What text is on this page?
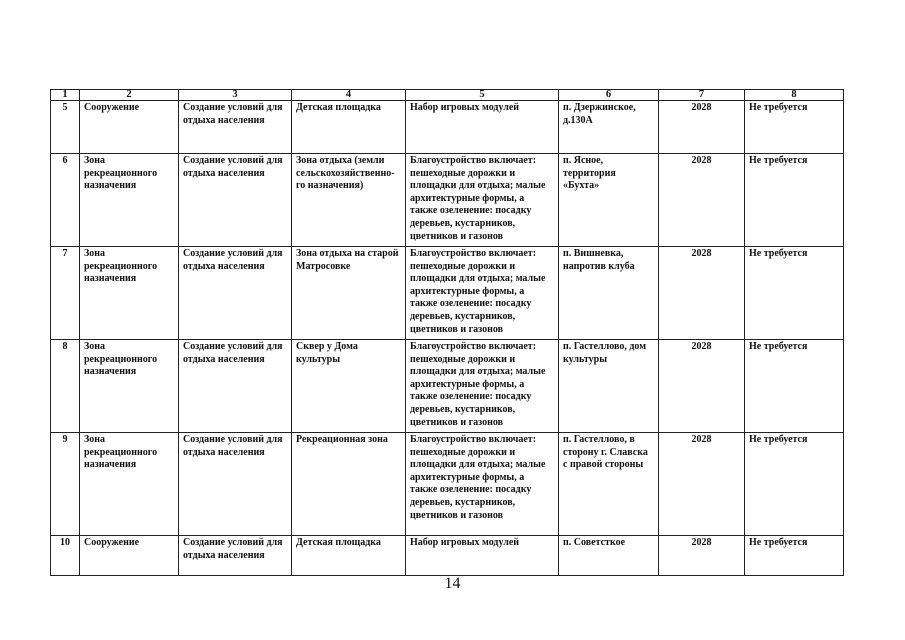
1	2	3	4	5	6	7	8
5	Сооружение	Создание условий для отдыха населения	Детская площадка	Набор игровых модулей	п. Дзержинское, д.130А	2028	Не требуется
6	Зона рекреационного назначения	Создание условий для отдыха населения	Зона отдыха (земли сельскохозяйственно-го назначения)	Благоустройство включает: пешеходные дорожки и площадки для отдыха; малые архитектурные формы, а также озеленение: посадку деревьев, кустарников, цветников и газонов	п. Ясное, территория «Бухта»	2028	Не требуется
7	Зона рекреационного назначения	Создание условий для отдыха населения	Зона отдыха на старой Матросовке	Благоустройство включает: пешеходные дорожки и площадки для отдыха; малые архитектурные формы, а также озеленение: посадку деревьев, кустарников, цветников и газонов	п. Вишневка, напротив клуба	2028	Не требуется
8	Зона рекреационного назначения	Создание условий для отдыха населения	Сквер у Дома культуры	Благоустройство включает: пешеходные дорожки и площадки для отдыха; малые архитектурные формы, а также озеленение: посадку деревьев, кустарников, цветников и газонов	п. Гастеллово, дом культуры	2028	Не требуется
9	Зона рекреационного назначения	Создание условий для отдыха населения	Рекреационная зона	Благоустройство включает: пешеходные дорожки и площадки для отдыха; малые архитектурные формы, а также озеленение: посадку деревьев, кустарников, цветников и газонов	п. Гастеллово, в сторону г. Славска с правой стороны	2028	Не требуется
10	Сооружение	Создание условий для отдыха населения	Детская площадка	Набор игровых модулей	п. Советсткое	2028	Не требуется
14
